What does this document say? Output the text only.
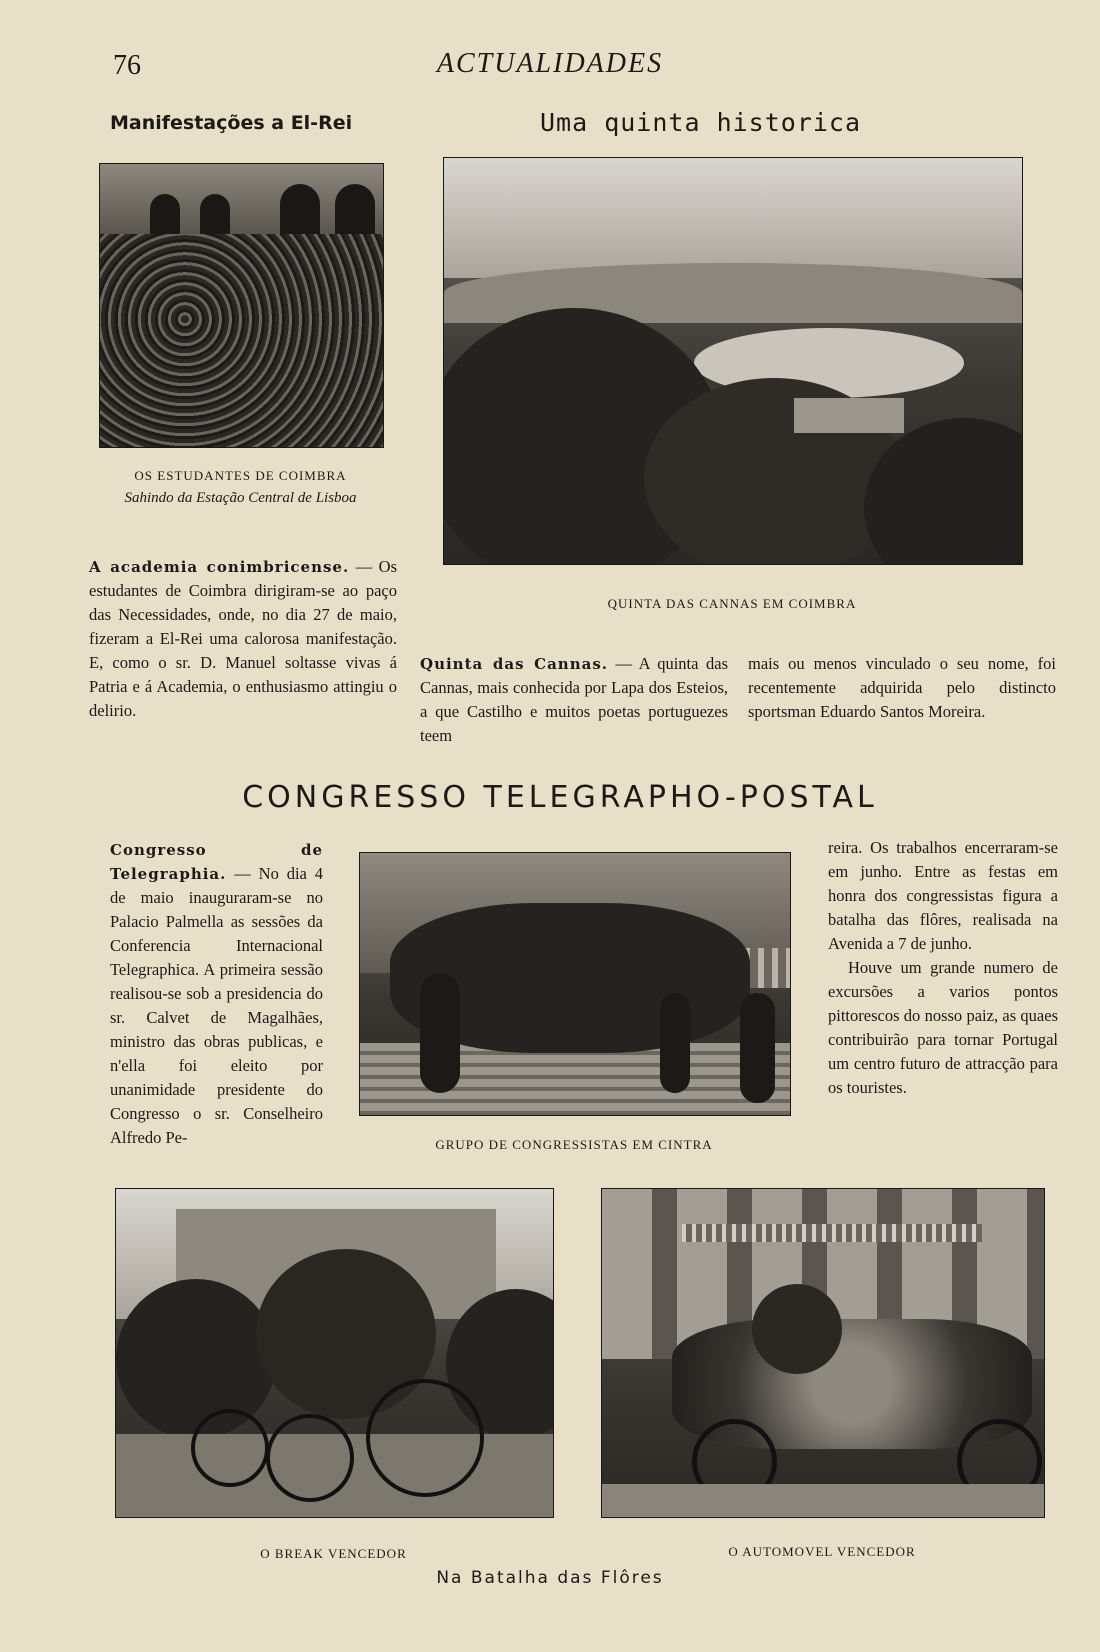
76	ACTUALIDADES
Manifestações a El-Rei	Uma quinta historica
OS ESTUDANTES DE COIMBRA
Sahindo da Estação Central de Lisboa
QUINTA DAS CANNAS EM COIMBRA
A academia conimbricense. — Os estudantes de Coimbra dirigiram-se ao paço das Necessidades, onde, no dia 27 de maio, fizeram a El-Rei uma calorosa manifestação. E, como o sr. D. Manuel soltasse vivas á Patria e á Academia, o enthusiasmo attingiu o delirio.
Quinta das Cannas. — A quinta das Cannas, mais conhecida por Lapa dos Esteios, a que Castilho e muitos poetas portuguezes teem
mais ou menos vinculado o seu nome, foi recentemente adquirida pelo distincto sportsman Eduardo Santos Moreira.
CONGRESSO TELEGRAPHO-POSTAL
Congresso de Telegraphia. — No dia 4 de maio inauguraram-se no Palacio Palmella as sessões da Conferencia Internacional Telegraphica. A primeira sessão realisou-se sob a presidencia do sr. Calvet de Magalhães, ministro das obras publicas, e n'ella foi eleito por unanimidade presidente do Congresso o sr. Conselheiro Alfredo Pe-	GRUPO DE CONGRESSISTAS EM CINTRA
reira. Os trabalhos encerraram-se em junho. Entre as festas em honra dos congressistas figura a batalha das flôres, realisada na Avenida a 7 de junho.
Houve um grande numero de excursões a varios pontos pittorescos do nosso paiz, as quaes contribuirão para tornar Portugal um centro futuro de attracção para os touristes.
O BREAK VENCEDOR	O AUTOMOVEL VENCEDOR
Na Batalha das Flôres
